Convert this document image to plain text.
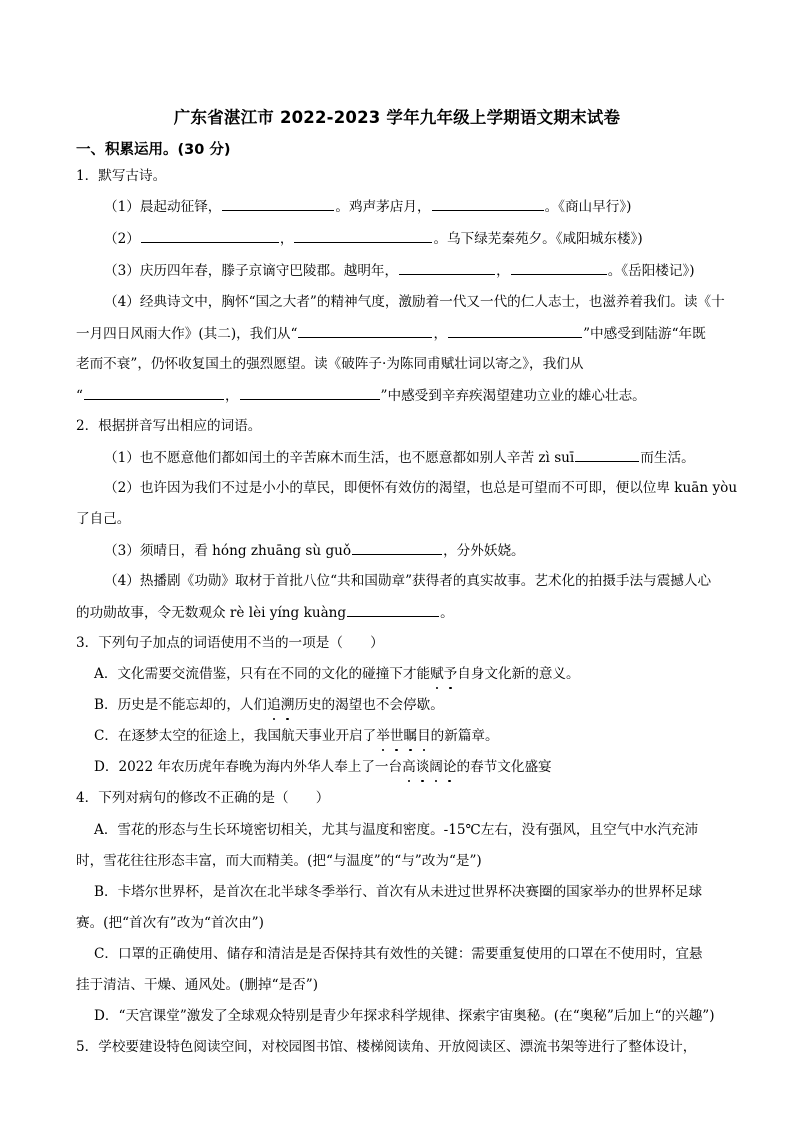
广东省湛江市 2022-2023 学年九年级上学期语文期末试卷
一、积累运用。(30 分)
1．默写古诗。
（1）晨起动征铎，	。鸡声茅店月，	。《商山早行》)
（2）	，	。乌下绿芜秦苑夕。《咸阳城东楼》)
（3）庆历四年春，滕子京谪守巴陵郡。越明年，	，	。《岳阳楼记》)
（4）经典诗文中，胸怀“国之大者”的精神气度，激励着一代又一代的仁人志士，也滋养着我们。读《十
一月四日风雨大作》(其二)，我们从“	，	”中感受到陆游“年既
老而不衰”，仍怀收复国土的强烈愿望。读《破阵子·为陈同甫赋壮词以寄之》，我们从
“	，	”中感受到辛弃疾渴望建功立业的雄心壮志。
2．根据拼音写出相应的词语。
（1）也不愿意他们都如闰土的辛苦麻木而生活，也不愿意都如别人辛苦 zì suī	而生活。
（2）也许因为我们不过是小小的草民，即便怀有效仿的渴望，也总是可望而不可即，便以位卑 kuān yòu
了自己。
（3）须晴日，看 hóng zhuāng sù guǒ	，分外妖娆。
（4）热播剧《功勋》取材于首批八位“共和国勋章”获得者的真实故事。艺术化的拍摄手法与震撼人心
的功勋故事，令无数观众 rè lèi yíng kuàng	。
3．下列句子加点的词语使用不当的一项是（　　）
A．文化需要交流借鉴，只有在不同的文化的碰撞下才能赋予自身文化新的意义。
B．历史是不能忘却的，人们追溯历史的渴望也不会停歇。
C．在逐梦太空的征途上，我国航天事业开启了举世瞩目的新篇章。
D．2022 年农历虎年春晚为海内外华人奉上了一台高谈阔论的春节文化盛宴
4．下列对病句的修改不正确的是（　　）
A．雪花的形态与生长环境密切相关，尤其与温度和密度。-15℃左右，没有强风，且空气中水汽充沛
时，雪花往往形态丰富，而大而精美。(把“与温度”的“与”改为“是”)
B．卡塔尔世界杯，是首次在北半球冬季举行、首次有从未进过世界杯决赛圈的国家举办的世界杯足球
赛。(把“首次有”改为“首次由”)
C．口罩的正确使用、储存和清洁是是否保持其有效性的关键：需要重复使用的口罩在不使用时，宜悬
挂于清洁、干燥、通风处。(删掉“是否”)
D．“天宫课堂”激发了全球观众特别是青少年探求科学规律、探索宇宙奥秘。(在“奥秘”后加上“的兴趣”)
5．学校要建设特色阅读空间，对校园图书馆、楼梯阅读角、开放阅读区、漂流书架等进行了整体设计，
